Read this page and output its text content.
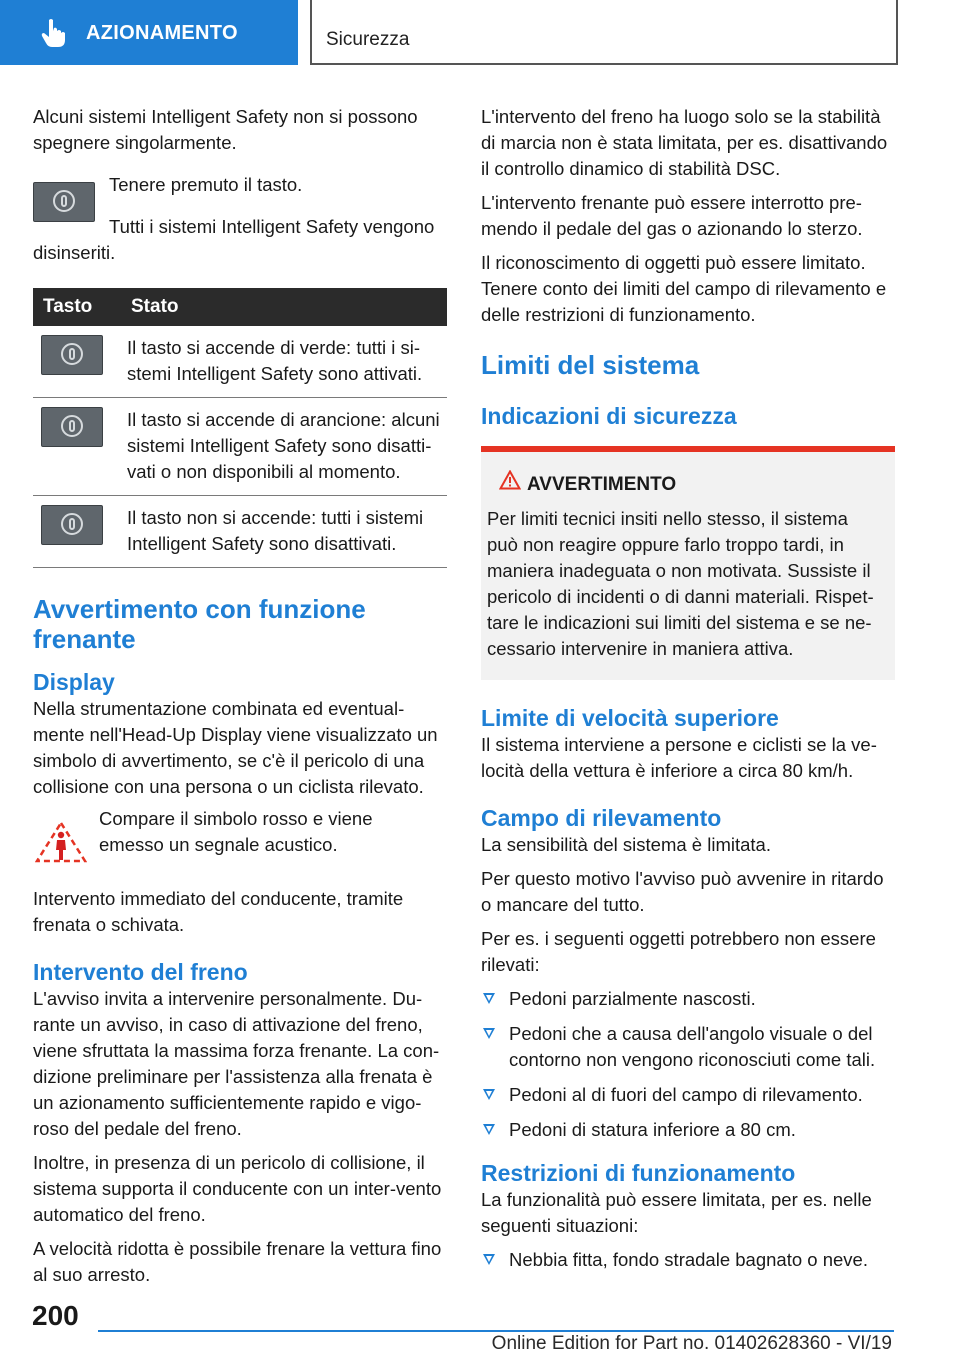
AZIONAMENTO	Sicurezza

Alcuni sistemi Intelligent Safety non si possono spegnere singolarmente.

Tenere premuto il tasto.

Tutti i sistemi Intelligent Safety vengono disinseriti.

Tasto	Stato

	Il tasto si accende di verde: tutti i si-stemi Intelligent Safety sono attivati.

	Il tasto si accende di arancione: alcuni sistemi Intelligent Safety sono disatti-vati o non disponibili al momento.

	Il tasto non si accende: tutti i sistemi Intelligent Safety sono disattivati.
Avvertimento con funzione frenante
Display

Nella strumentazione combinata ed eventual-mente nell'Head-Up Display viene visualizzato un simbolo di avvertimento, se c'è il pericolo di una collisione con una persona o un ciclista rilevato.

Compare il simbolo rosso e viene emesso un segnale acustico.

Intervento immediato del conducente, tramite frenata o schivata.

Intervento del freno

L'avviso invita a intervenire personalmente. Du-rante un avviso, in caso di attivazione del freno, viene sfruttata la massima forza frenante. La con-dizione preliminare per l'assistenza alla frenata è un azionamento sufficientemente rapido e vigo-roso del pedale del freno.

Inoltre, in presenza di un pericolo di collisione, il sistema supporta il conducente con un inter-vento automatico del freno.

A velocità ridotta è possibile frenare la vettura fino al suo arresto.

L'intervento del freno ha luogo solo se la stabilità di marcia non è stata limitata, per es. disattivando il controllo dinamico di stabilità DSC.

L'intervento frenante può essere interrotto pre-mendo il pedale del gas o azionando lo sterzo.

Il riconoscimento di oggetti può essere limitato. Tenere conto dei limiti del campo di rilevamento e delle restrizioni di funzionamento.

Limiti del sistema
Indicazioni di sicurezza
AVVERTIMENTO
Per limiti tecnici insiti nello stesso, il sistema può non reagire oppure farlo troppo tardi, in maniera inadeguata o non motivata. Sussiste il pericolo di incidenti o di danni materiali. Rispet-tare le indicazioni sui limiti del sistema e se ne-cessario intervenire in maniera attiva.
Limite di velocità superiore

Il sistema interviene a persone e ciclisti se la ve-locità della vettura è inferiore a circa 80 km/h.

Campo di rilevamento

La sensibilità del sistema è limitata.

Per questo motivo l'avviso può avvenire in ritardo o mancare del tutto.

Per es. i seguenti oggetti potrebbero non essere rilevati:

Pedoni parzialmente nascosti.
Pedoni che a causa dell'angolo visuale o del contorno non vengono riconosciuti come tali.
Pedoni al di fuori del campo di rilevamento.
Pedoni di statura inferiore a 80 cm.
Restrizioni di funzionamento

La funzionalità può essere limitata, per es. nelle seguenti situazioni:

Nebbia fitta, fondo stradale bagnato o neve.
200
Online Edition for Part no. 01402628360 - VI/19
